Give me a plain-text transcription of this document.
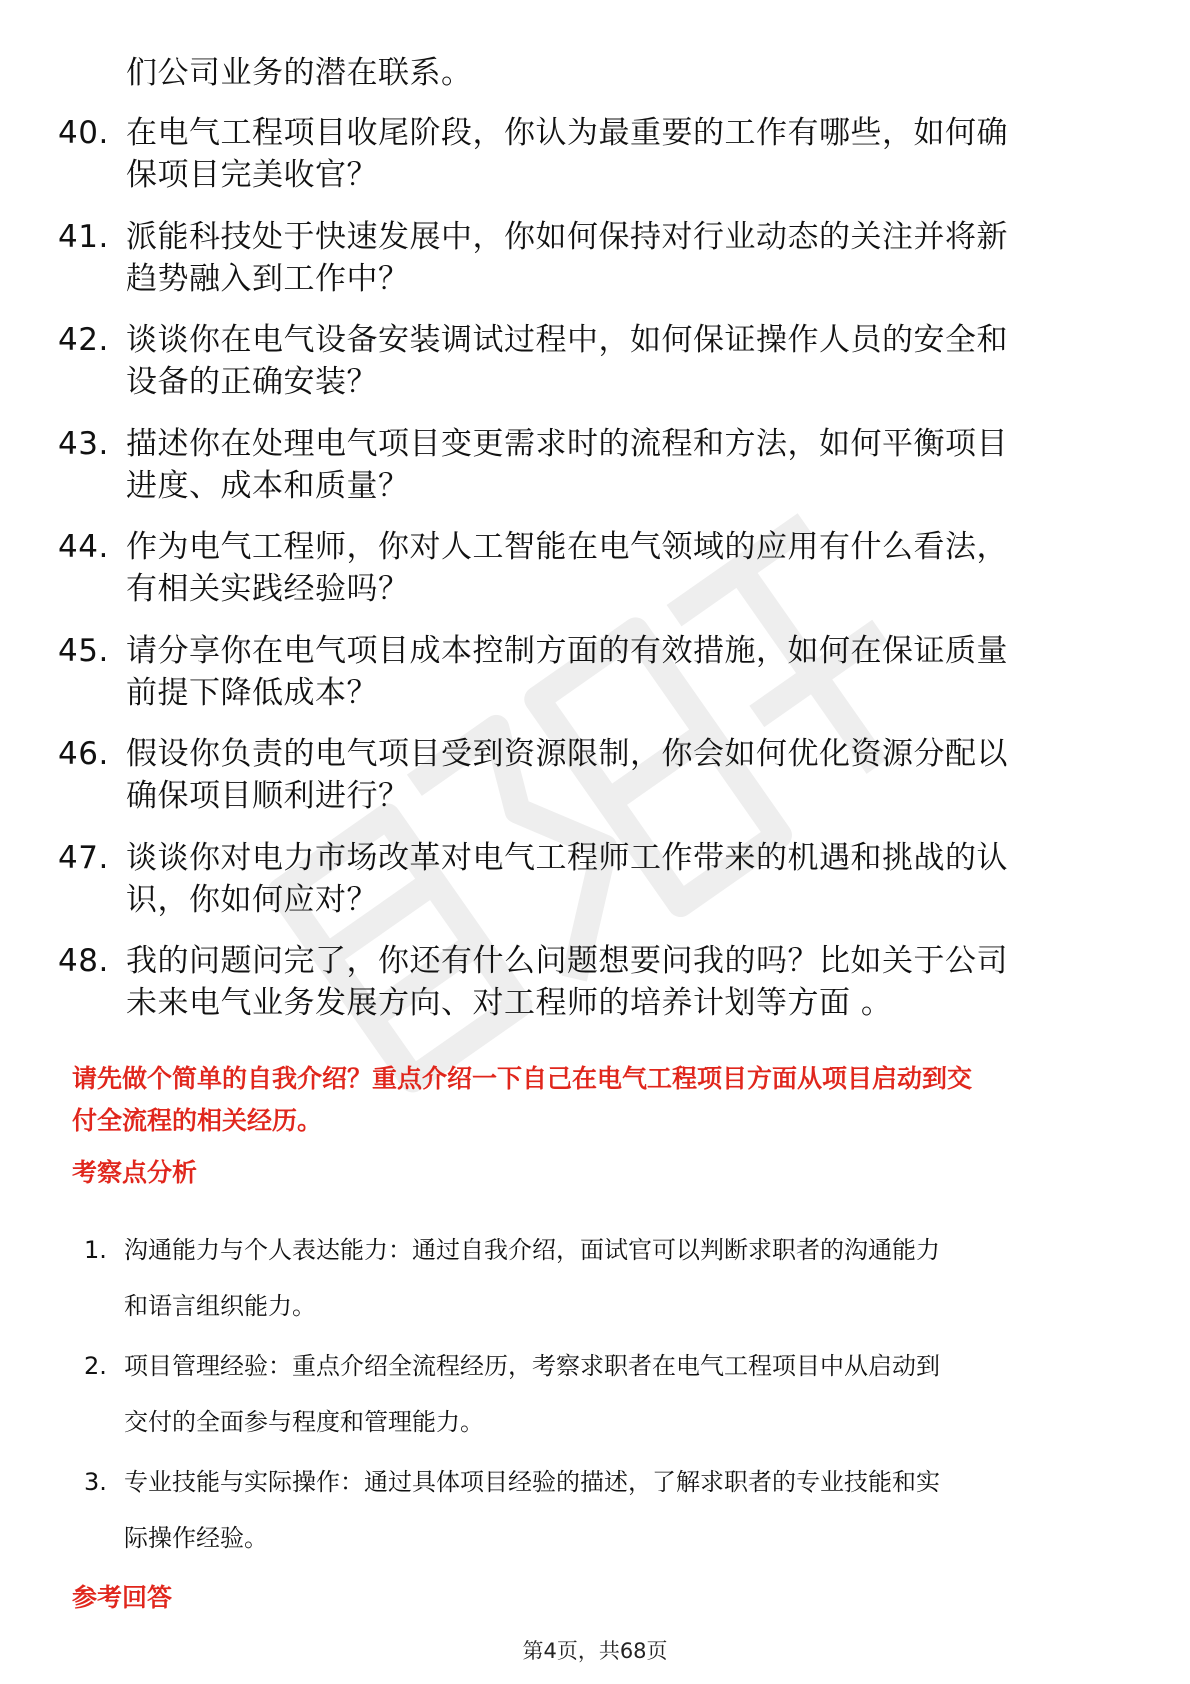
们公司业务的潜在联系。
40. 在电气工程项目收尾阶段，你认为最重要的工作有哪些，如何确
保项目完美收官？
41. 派能科技处于快速发展中，你如何保持对行业动态的关注并将新
趋势融入到工作中？
42. 谈谈你在电气设备安装调试过程中，如何保证操作人员的安全和
设备的正确安装？
43. 描述你在处理电气项目变更需求时的流程和方法，如何平衡项目
进度、成本和质量？
44. 作为电气工程师，你对人工智能在电气领域的应用有什么看法，
有相关实践经验吗？
45. 请分享你在电气项目成本控制方面的有效措施，如何在保证质量
前提下降低成本？
46. 假设你负责的电气项目受到资源限制，你会如何优化资源分配以
确保项目顺利进行？
47. 谈谈你对电力市场改革对电气工程师工作带来的机遇和挑战的认
识，你如何应对？
48. 我的问题问完了，你还有什么问题想要问我的吗？比如关于公司
未来电气业务发展方向、对工程师的培养计划等方面 。
请先做个简单的自我介绍？重点介绍一下自己在电气工程项目方面从项目启动到交
付全流程的相关经历。
考察点分析
1. 沟通能力与个人表达能力：通过自我介绍，面试官可以判断求职者的沟通能力
和语言组织能力。
2. 项目管理经验：重点介绍全流程经历，考察求职者在电气工程项目中从启动到
交付的全面参与程度和管理能力。
3. 专业技能与实际操作：通过具体项目经验的描述，了解求职者的专业技能和实
际操作经验。
参考回答
第4页，共68页
